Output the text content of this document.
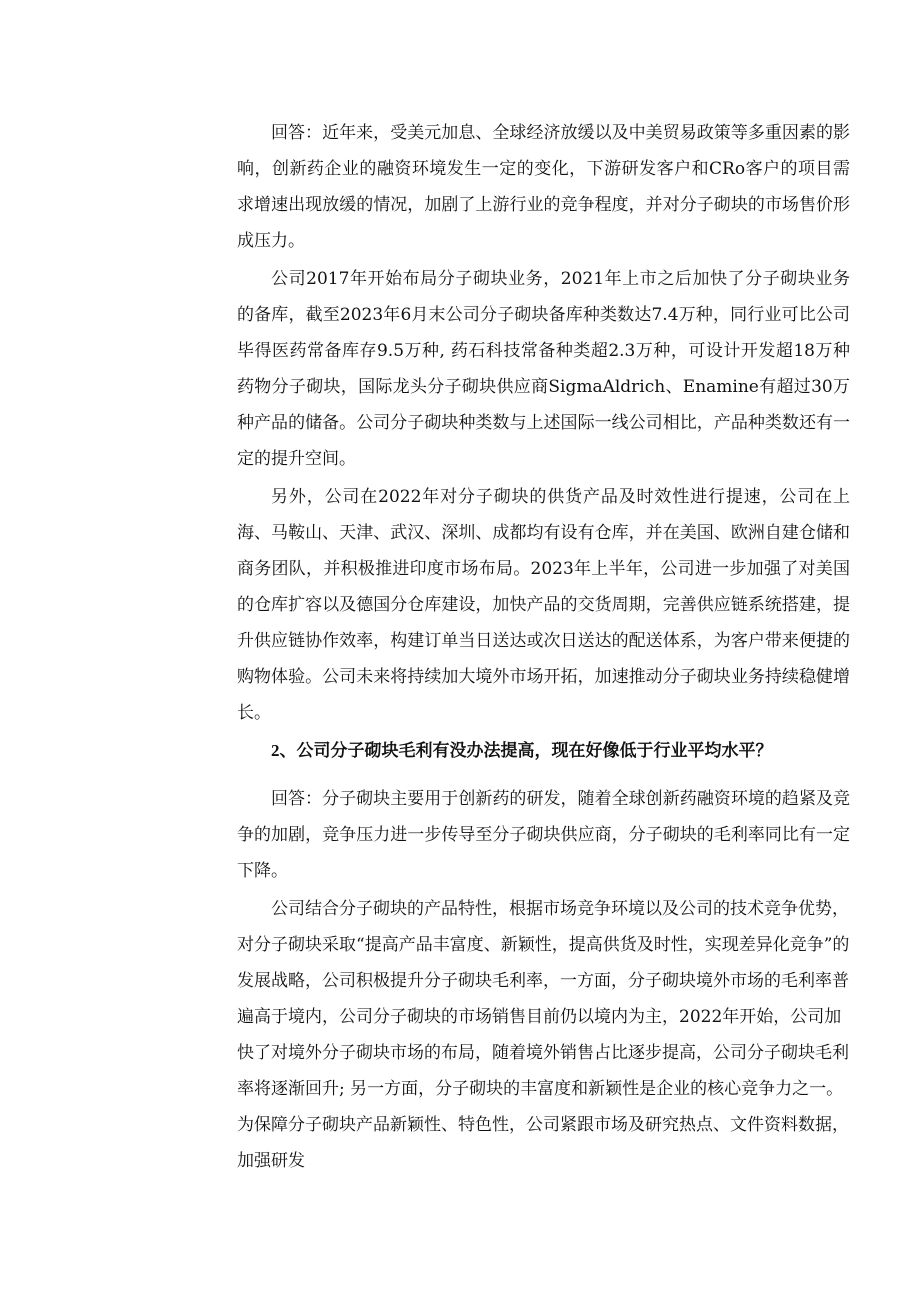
回答：近年来，受美元加息、全球经济放缓以及中美贸易政策等多重因素的影响，创新药企业的融资环境发生一定的变化，下游研发客户和CRo客户的项目需求增速出现放缓的情况，加剧了上游行业的竞争程度，并对分子砌块的市场售价形成压力。

公司2017年开始布局分子砌块业务，2021年上市之后加快了分子砌块业务的备库，截至2023年6月末公司分子砌块备库种类数达7.4万种，同行业可比公司毕得医药常备库存9.5万种, 药石科技常备种类超2.3万种，可设计开发超18万种药物分子砌块，国际龙头分子砌块供应商SigmaAldrich、Enamine有超过30万种产品的储备。公司分子砌块种类数与上述国际一线公司相比，产品种类数还有一定的提升空间。

另外，公司在2022年对分子砌块的供货产品及时效性进行提速，公司在上海、马鞍山、天津、武汉、深圳、成都均有设有仓库，并在美国、欧洲自建仓储和商务团队，并积极推进印度市场布局。2023年上半年，公司进一步加强了对美国的仓库扩容以及德国分仓库建设，加快产品的交货周期，完善供应链系统搭建，提升供应链协作效率，构建订单当日送达或次日送达的配送体系，为客户带来便捷的购物体验。公司未来将持续加大境外市场开拓，加速推动分子砌块业务持续稳健增长。

2、公司分子砌块毛利有没办法提高，现在好像低于行业平均水平？

回答：分子砌块主要用于创新药的研发，随着全球创新药融资环境的趋紧及竞争的加剧，竞争压力进一步传导至分子砌块供应商，分子砌块的毛利率同比有一定下降。

公司结合分子砌块的产品特性，根据市场竞争环境以及公司的技术竞争优势，对分子砌块采取“提高产品丰富度、新颖性，提高供货及时性，实现差异化竞争”的发展战略，公司积极提升分子砌块毛利率，一方面，分子砌块境外市场的毛利率普遍高于境内，公司分子砌块的市场销售目前仍以境内为主，2022年开始，公司加快了对境外分子砌块市场的布局，随着境外销售占比逐步提高，公司分子砌块毛利率将逐渐回升; 另一方面，分子砌块的丰富度和新颖性是企业的核心竞争力之一。为保障分子砌块产品新颖性、特色性，公司紧跟市场及研究热点、文件资料数据，加强研发
